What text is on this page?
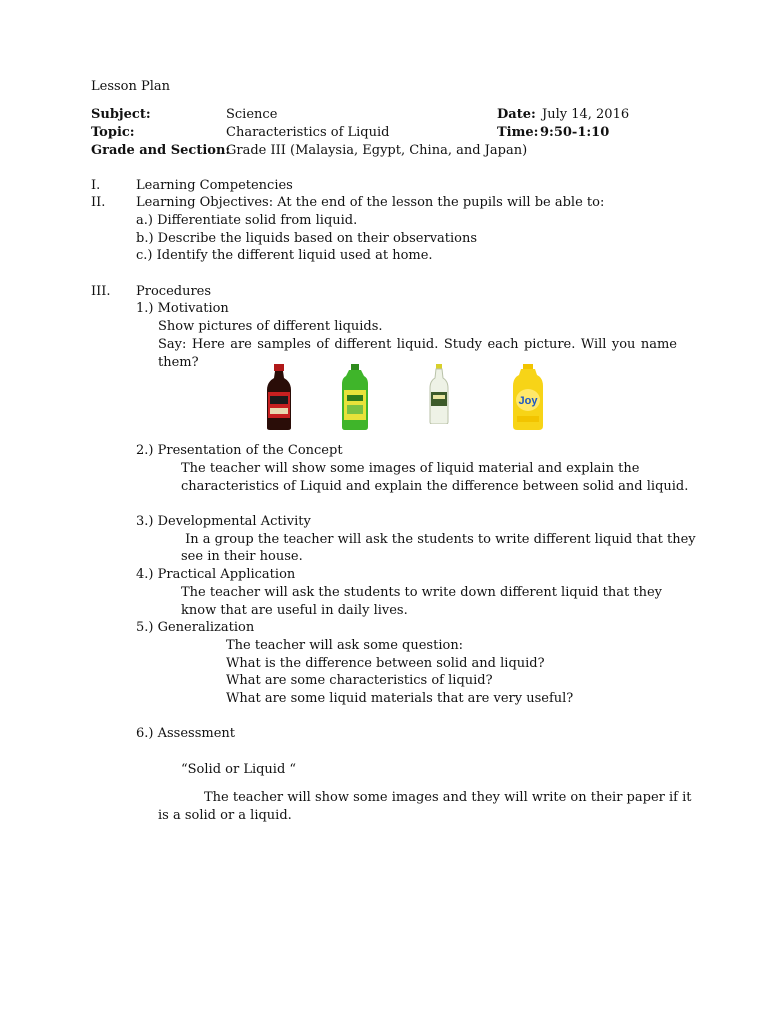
Lesson Plan
Subject:	Science	Date: July 14, 2016
Topic:	Characteristics of Liquid	Time: 9:50-1:10
Grade and Section:
Grade III (Malaysia, Egypt, China, and Japan)
I.	Learning Competencies
II. Learning Objectives: At the end of the lesson the pupils will be able to:
a.) Differentiate solid from liquid.
b.) Describe the liquids based on their observations
c.) Identify the different liquid used at home.
III. Procedures
1.) Motivation
Show pictures of different liquids.
Say: Here are samples of different liquid. Study each picture. Will you name
them?
Joy
2.) Presentation of the Concept
The teacher will show some images of liquid material and explain the
characteristics of Liquid and explain the difference between solid and liquid.
3.) Developmental Activity
In a group the teacher will ask the students to write different liquid that they
see in their house.
4.) Practical Application
The teacher will ask the students to write down different liquid that they
know that are useful in daily lives.
5.) Generalization
The teacher will ask some question:
What is the difference between solid and liquid?
What are some characteristics of liquid?
What are some liquid materials that are very useful?
6.) Assessment
“Solid or Liquid “
The teacher will show some images and they will write on their paper if it
is a solid or a liquid.
